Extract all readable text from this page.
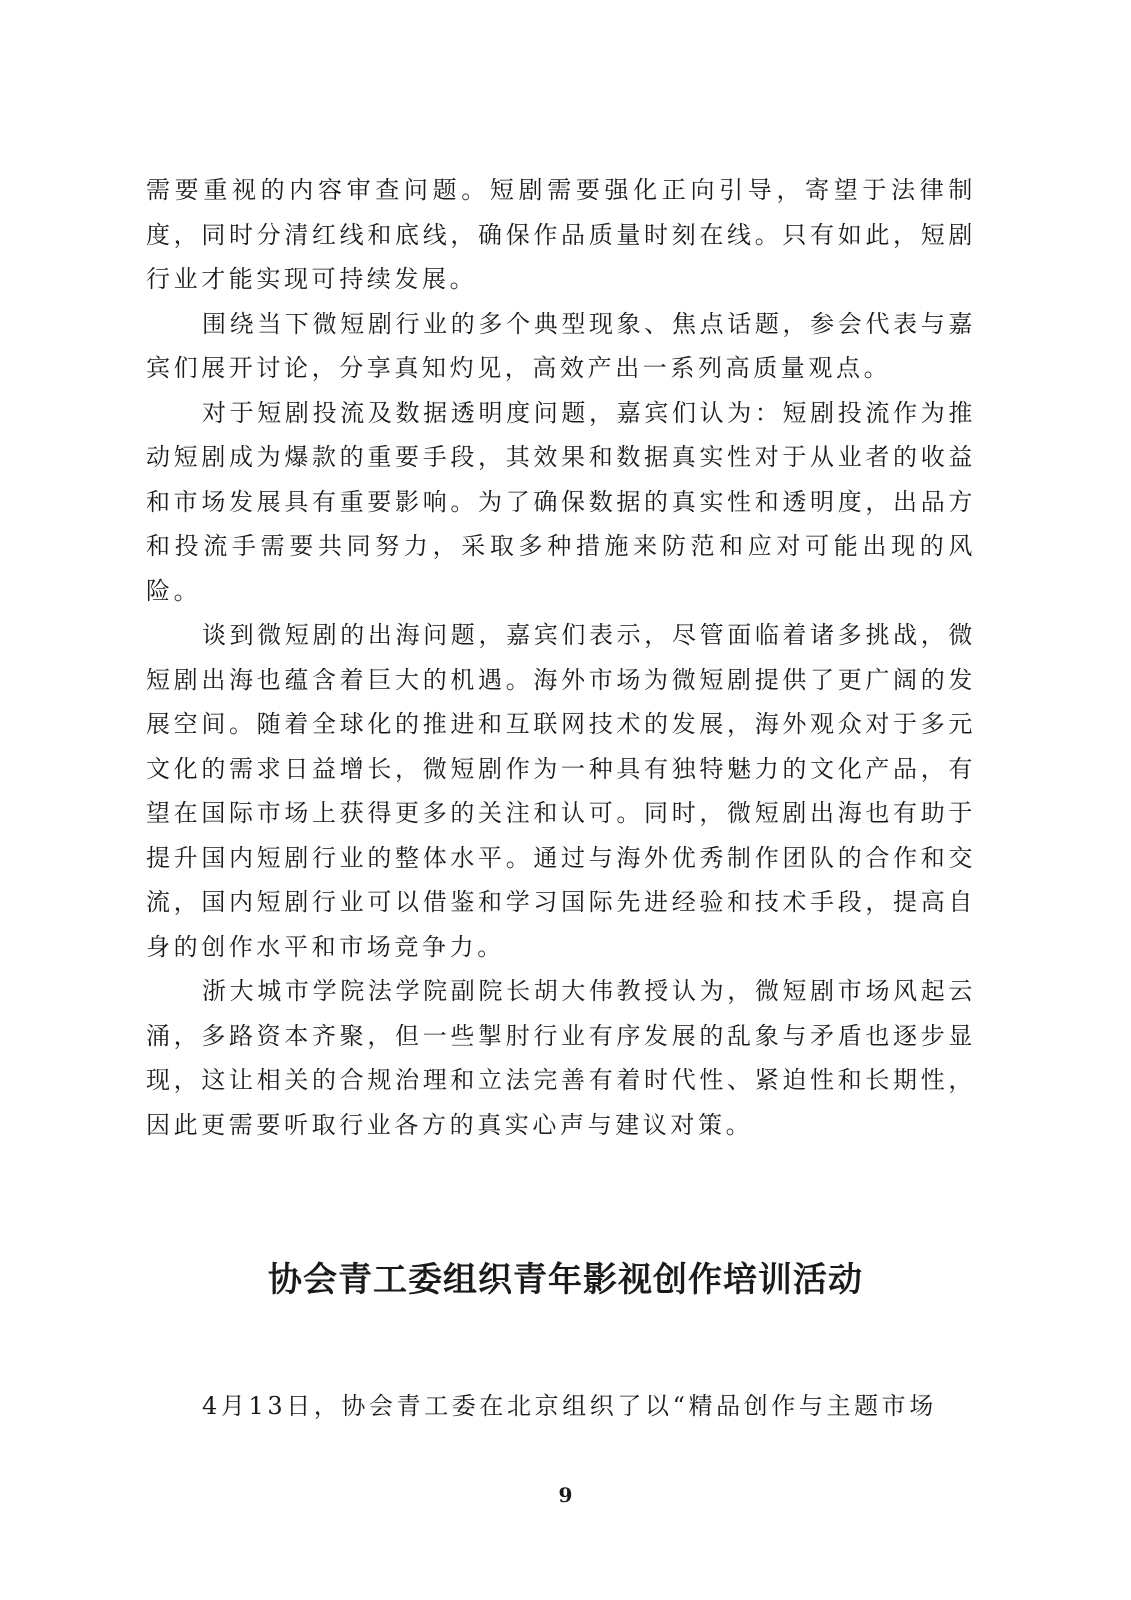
需要重视的内容审查问题。短剧需要强化正向引导，寄望于法律制度，同时分清红线和底线，确保作品质量时刻在线。只有如此，短剧行业才能实现可持续发展。

围绕当下微短剧行业的多个典型现象、焦点话题，参会代表与嘉宾们展开讨论，分享真知灼见，高效产出一系列高质量观点。

对于短剧投流及数据透明度问题，嘉宾们认为：短剧投流作为推动短剧成为爆款的重要手段，其效果和数据真实性对于从业者的收益和市场发展具有重要影响。为了确保数据的真实性和透明度，出品方和投流手需要共同努力，采取多种措施来防范和应对可能出现的风险。

谈到微短剧的出海问题，嘉宾们表示，尽管面临着诸多挑战，微短剧出海也蕴含着巨大的机遇。海外市场为微短剧提供了更广阔的发展空间。随着全球化的推进和互联网技术的发展，海外观众对于多元文化的需求日益增长，微短剧作为一种具有独特魅力的文化产品，有望在国际市场上获得更多的关注和认可。同时，微短剧出海也有助于提升国内短剧行业的整体水平。通过与海外优秀制作团队的合作和交流，国内短剧行业可以借鉴和学习国际先进经验和技术手段，提高自身的创作水平和市场竞争力。

浙大城市学院法学院副院长胡大伟教授认为，微短剧市场风起云涌，多路资本齐聚，但一些掣肘行业有序发展的乱象与矛盾也逐步显现，这让相关的合规治理和立法完善有着时代性、紧迫性和长期性，因此更需要听取行业各方的真实心声与建议对策。

协会青工委组织青年影视创作培训活动

4月13日，协会青工委在北京组织了以“精品创作与主题市场

9
